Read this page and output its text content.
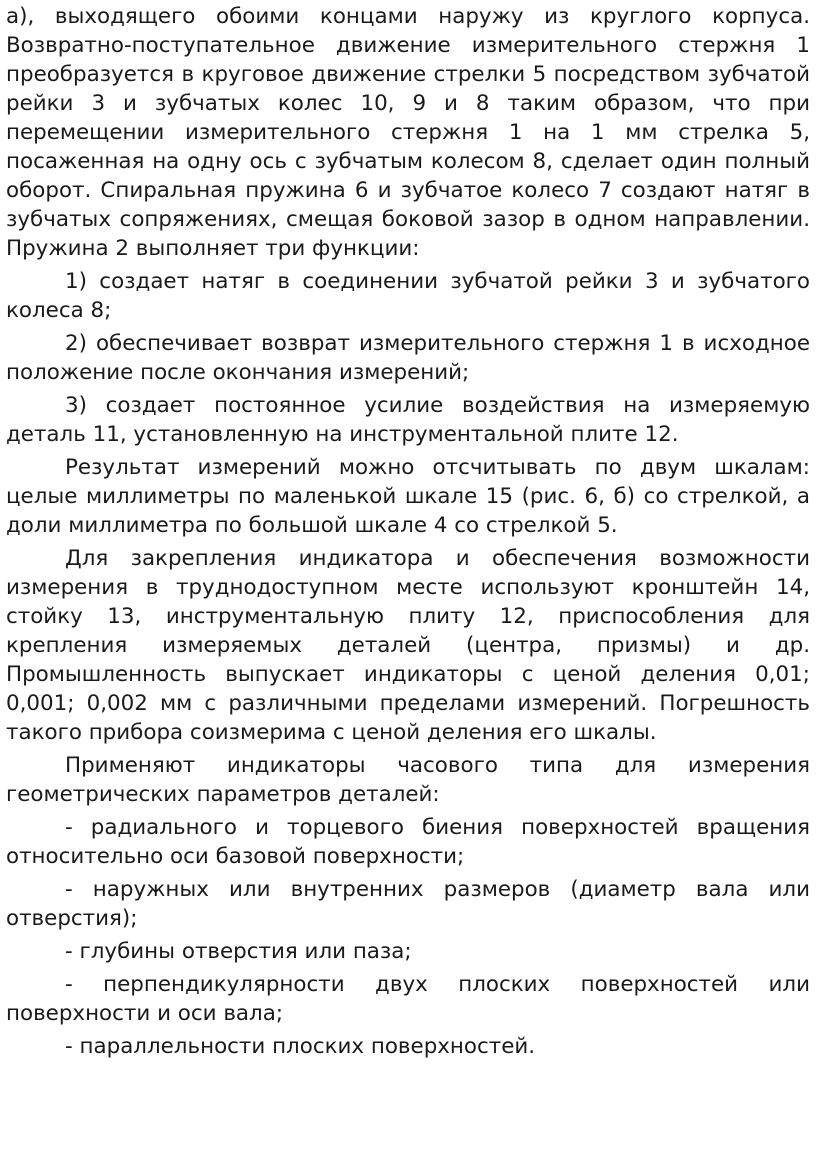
а), выходящего обоими концами наружу из круглого корпуса. Возвратно-поступательное движение измерительного стержня 1 преобразуется в круговое движение стрелки 5 посредством зубчатой рейки 3 и зубчатых колес 10, 9 и 8 таким образом, что при перемещении измерительного стержня 1 на 1 мм стрелка 5, посаженная на одну ось с зубчатым колесом 8, сделает один полный оборот. Спиральная пружина 6 и зубчатое колесо 7 создают натяг в зубчатых сопряжениях, смещая боковой зазор в одном направлении. Пружина 2 выполняет три функции:

1) создает натяг в соединении зубчатой рейки 3 и зубчатого колеса 8;

2) обеспечивает возврат измерительного стержня 1 в исходное положение после окончания измерений;

3) создает постоянное усилие воздействия на измеряемую деталь 11, установленную на инструментальной плите 12.

Результат измерений можно отсчитывать по двум шкалам: целые миллиметры по маленькой шкале 15 (рис. 6, б) со стрелкой, а доли миллиметра по большой шкале 4 со стрелкой 5.

Для закрепления индикатора и обеспечения возможности измерения в труднодоступном месте используют кронштейн 14, стойку 13, инструментальную плиту 12, приспособления для крепления измеряемых деталей (центра, призмы) и др. Промышленность выпускает индикаторы с ценой деления 0,01; 0,001; 0,002 мм с различными пределами измерений. Погрешность такого прибора соизмерима с ценой деления его шкалы.

Применяют индикаторы часового типа для измерения геометрических параметров деталей:

- радиального и торцевого биения поверхностей вращения относительно оси базовой поверхности;

- наружных или внутренних размеров (диаметр вала или отверстия);

- глубины отверстия или паза;

- перпендикулярности двух плоских поверхностей или поверхности и оси вала;

- параллельности плоских поверхностей.
